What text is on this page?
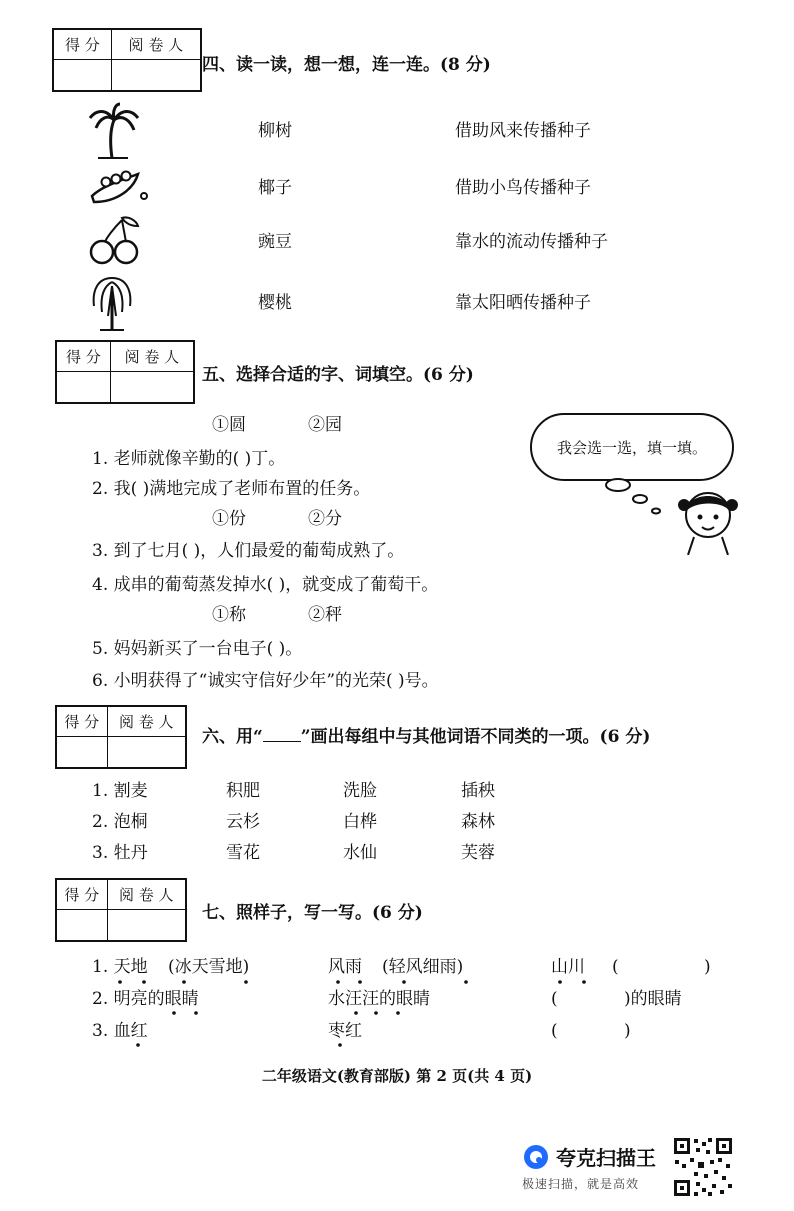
得 分	阅 卷 人

四、读一读，想一想，连一连。(8 分)
柳树
椰子
豌豆
樱桃
借助风来传播种子
借助小鸟传播种子
靠水的流动传播种子
靠太阳晒传播种子
得 分	阅 卷 人

五、选择合适的字、词填空。(6 分)
①圆	②园
1. 老师就像辛勤的( )丁。
2. 我( )满地完成了老师布置的任务。
①份	②分
3. 到了七月( )，人们最爱的葡萄成熟了。
4. 成串的葡萄蒸发掉水( )，就变成了葡萄干。
①称	②秤
5. 妈妈新买了一台电子( )。
6. 小明获得了“诚实守信好少年”的光荣( )号。
我会选一选，填一填。
得 分	阅 卷 人

六、用“ ”画出每组中与其他词语不同类的一项。(6 分)
1. 割麦	积肥	洗脸	插秧
2. 泡桐	云杉	白桦	森林
3. 牡丹	雪花	水仙	芙蓉
得 分	阅 卷 人

七、照样子，写一写。(6 分)
1. 天地 (冰天雪地)	风雨 (轻风细雨)	山川 (	)
2. 明亮的眼睛	水汪汪的眼睛	(	)的眼睛
3. 血红	枣红	(	)
二年级语文(教育部版) 第 2 页(共 4 页)
夸克扫描王
极速扫描，就是高效
